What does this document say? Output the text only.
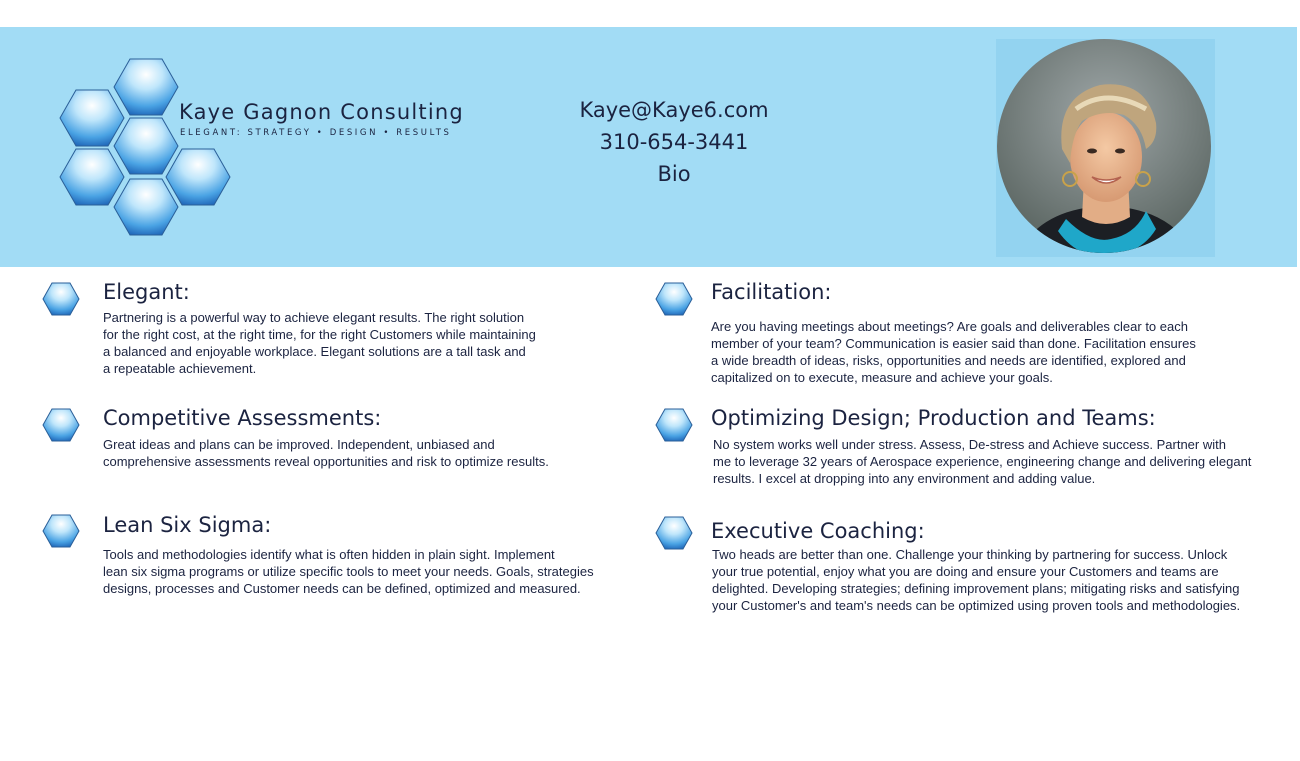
Kaye Gagnon Consulting
ELEGANT: STRATEGY • DESIGN • RESULTS
Kaye@Kaye6.com
310-654-3441
Bio
Elegant:
Partnering is a powerful way to achieve elegant results. The right solution
for the right cost, at the right time, for the right Customers while maintaining
a balanced and enjoyable workplace. Elegant solutions are a tall task and
a repeatable achievement.
Competitive Assessments:
Great ideas and plans can be improved. Independent, unbiased and
comprehensive assessments reveal opportunities and risk to optimize results.
Lean Six Sigma:
Tools and methodologies identify what is often hidden in plain sight. Implement
lean six sigma programs or utilize specific tools to meet your needs. Goals, strategies
designs, processes and Customer needs can be defined, optimized and measured.
Facilitation:
Are you having meetings about meetings? Are goals and deliverables clear to each
member of your team? Communication is easier said than done. Facilitation ensures
a wide breadth of ideas, risks, opportunities and needs are identified, explored and
capitalized on to execute, measure and achieve your goals.
Optimizing Design; Production and Teams:
No system works well under stress. Assess, De-stress and Achieve success. Partner with
me to leverage 32 years of Aerospace experience, engineering change and delivering elegant
results. I excel at dropping into any environment and adding value.
Executive Coaching:
Two heads are better than one. Challenge your thinking by partnering for success. Unlock
your true potential, enjoy what you are doing and ensure your Customers and teams are
delighted. Developing strategies; defining improvement plans; mitigating risks and satisfying
your Customer's and team's needs can be optimized using proven tools and methodologies.
